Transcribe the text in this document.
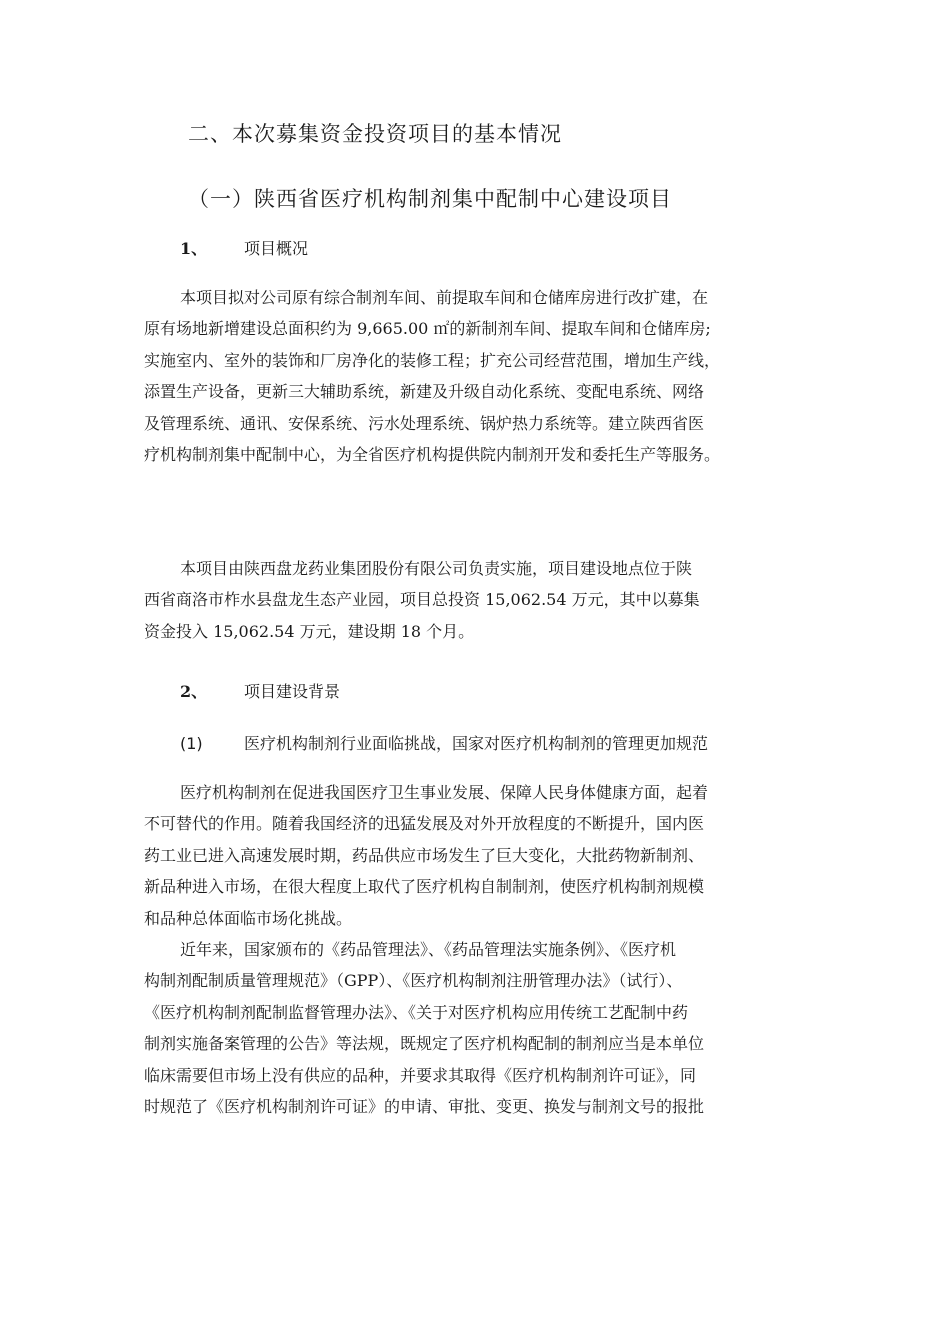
二、本次募集资金投资项目的基本情况
（一）陕西省医疗机构制剂集中配制中心建设项目
1、 项目概况
本项目拟对公司原有综合制剂车间、前提取车间和仓储库房进行改扩建，在
原有场地新增建设总面积约为 9,665.00 ㎡的新制剂车间、提取车间和仓储库房;
实施室内、室外的装饰和厂房净化的装修工程；扩充公司经营范围，增加生产线，
添置生产设备，更新三大辅助系统，新建及升级自动化系统、变配电系统、网络
及管理系统、通讯、安保系统、污水处理系统、锅炉热力系统等。建立陕西省医
疗机构制剂集中配制中心，为全省医疗机构提供院内制剂开发和委托生产等服务。
本项目由陕西盘龙药业集团股份有限公司负责实施，项目建设地点位于陕
西省商洛市柞水县盘龙生态产业园，项目总投资 15,062.54 万元，其中以募集
资金投入 15,062.54 万元，建设期 18 个月。
2、 项目建设背景
(1)	医疗机构制剂行业面临挑战，国家对医疗机构制剂的管理更加规范
医疗机构制剂在促进我国医疗卫生事业发展、保障人民身体健康方面，起着
不可替代的作用。随着我国经济的迅猛发展及对外开放程度的不断提升，国内医
药工业已进入高速发展时期，药品供应市场发生了巨大变化，大批药物新制剂、
新品种进入市场，在很大程度上取代了医疗机构自制制剂，使医疗机构制剂规模
和品种总体面临市场化挑战。
近年来，国家颁布的《药品管理法》、《药品管理法实施条例》、《医疗机
构制剂配制质量管理规范》（GPP）、《医疗机构制剂注册管理办法》（试行）、
《医疗机构制剂配制监督管理办法》、《关于对医疗机构应用传统工艺配制中药
制剂实施备案管理的公告》等法规，既规定了医疗机构配制的制剂应当是本单位
临床需要但市场上没有供应的品种，并要求其取得《医疗机构制剂许可证》，同
时规范了《医疗机构制剂许可证》的申请、审批、变更、换发与制剂文号的报批
